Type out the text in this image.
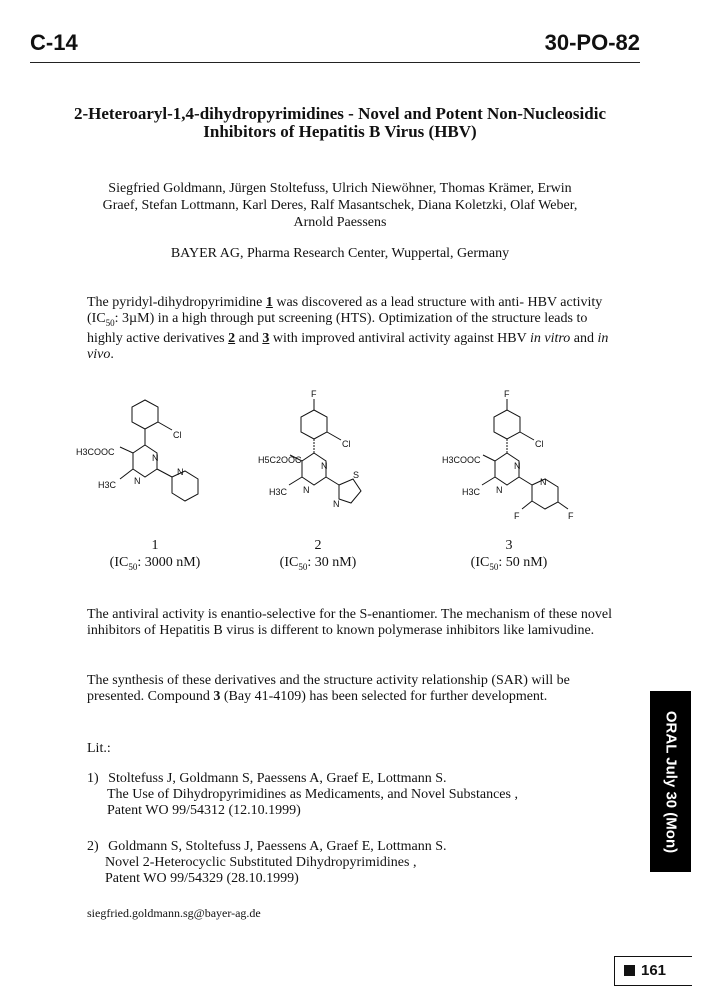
C-14	30-PO-82
2-Heteroaryl-1,4-dihydropyrimidines - Novel and Potent Non-Nucleosidic Inhibitors of Hepatitis B Virus (HBV)
Siegfried Goldmann, Jürgen Stoltefuss, Ulrich Niewöhner, Thomas Krämer, Erwin Graef, Stefan Lottmann, Karl Deres, Ralf Masantschek, Diana Koletzki, Olaf Weber, Arnold Paessens
BAYER AG, Pharma Research Center, Wuppertal, Germany
The pyridyl-dihydropyrimidine 1 was discovered as a lead structure with anti- HBV activity ($IC_{50}$: 3µM) in a high through put screening (HTS). Optimization of the structure leads to highly active derivatives 2 and 3 with improved antiviral activity against HBV in vitro and in vivo.
Cl
H3COOC
H3C
N
N
N
F
Cl
H5C2OOC
H3C
N
N
S
N
F
Cl
H3COOC
H3C
N
N
N
F	F
1
($IC_{50}$: 3000 nM)
2
($IC_{50}$: 30 nM)
3
($IC_{50}$: 50 nM)
The antiviral activity is enantio-selective for the S-enantiomer. The mechanism of these novel inhibitors of Hepatitis B virus is different to known polymerase inhibitors like lamivudine.
The synthesis of these derivatives and the structure activity relationship (SAR) will be presented. Compound 3 (Bay 41-4109) has been selected for further development.
Lit.:
1) Stoltefuss J, Goldmann S, Paessens A, Graef E, Lottmann S.
The Use of Dihydropyrimidines as Medicaments, and Novel Substances ,
Patent WO 99/54312 (12.10.1999)
2) Goldmann S, Stoltefuss J, Paessens A, Graef E, Lottmann S.
Novel 2-Heterocyclic Substituted Dihydropyrimidines ,
Patent WO 99/54329 (28.10.1999)
siegfried.goldmann.sg@bayer-ag.de
ORAL July 30 (Mon)
161
